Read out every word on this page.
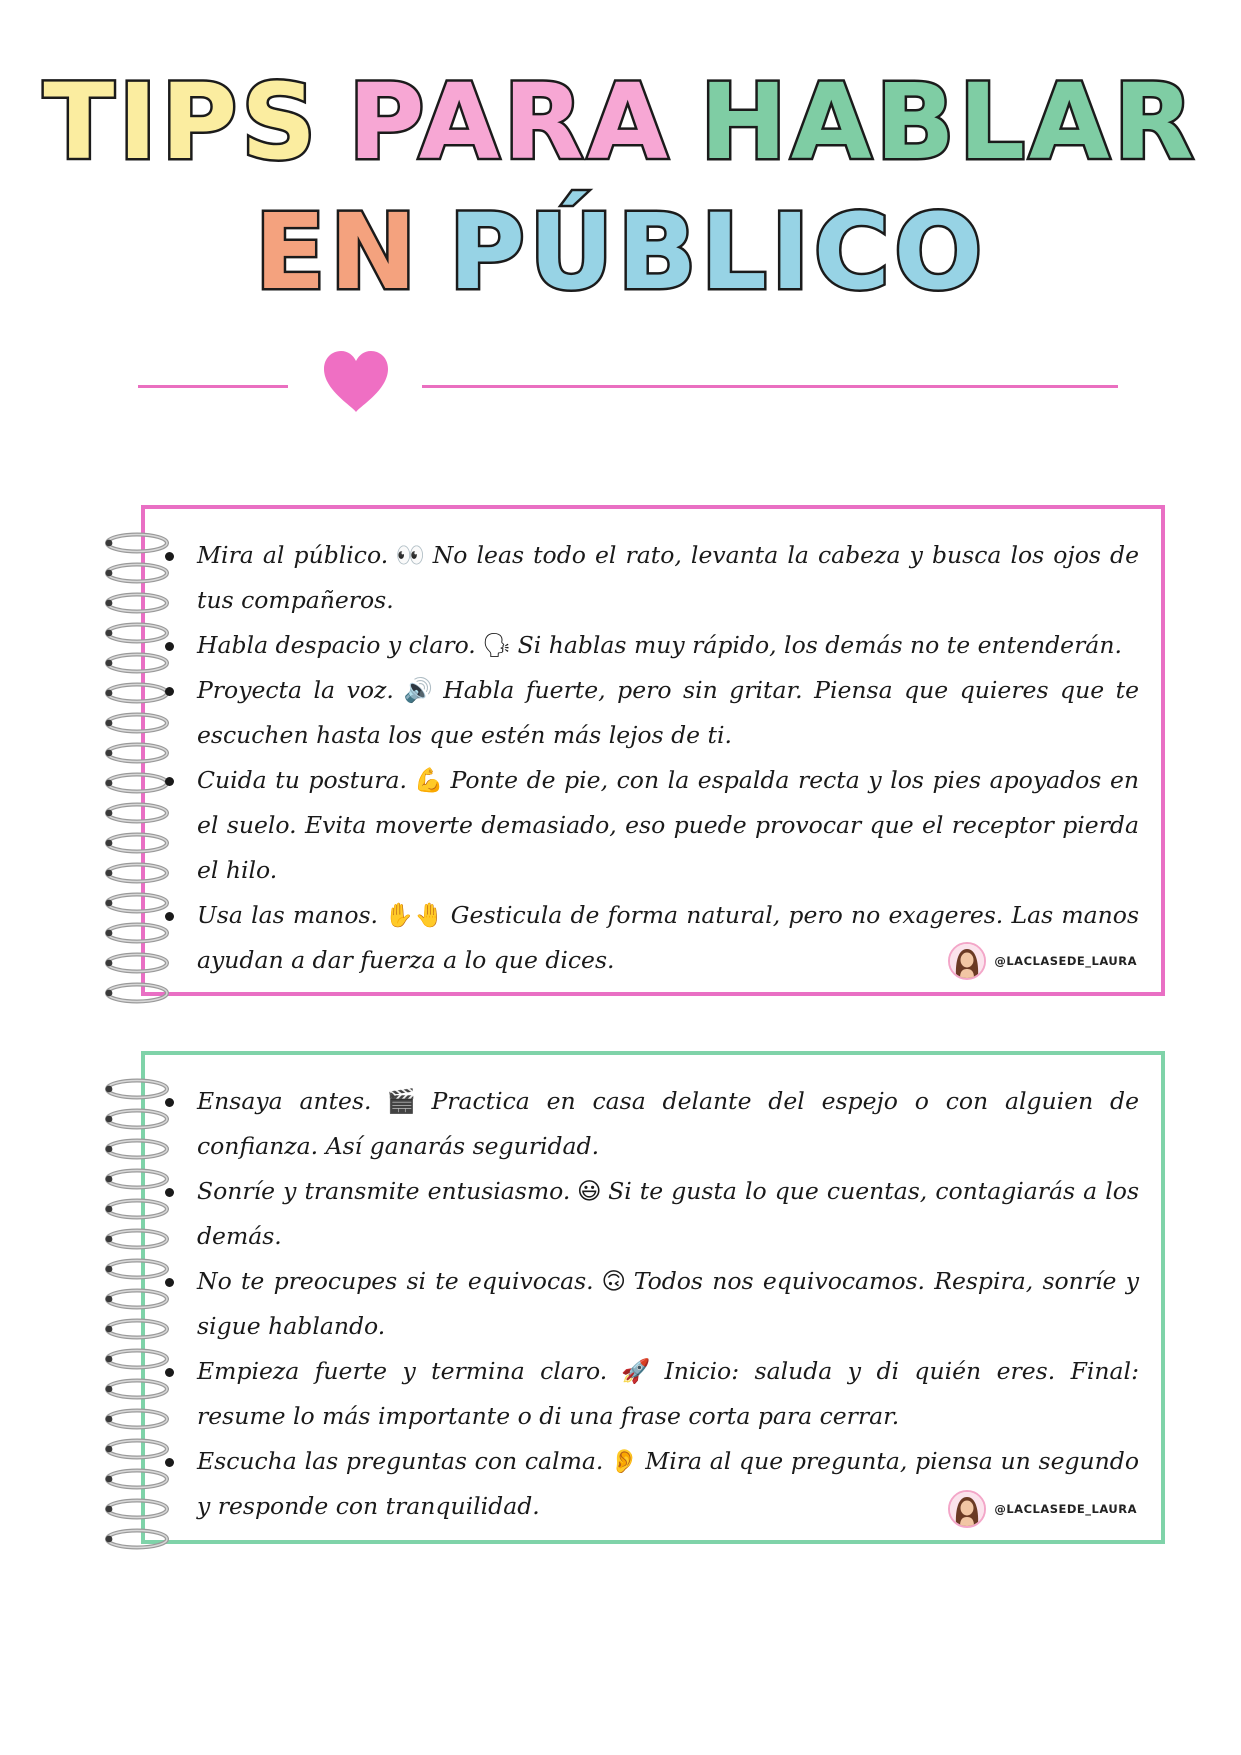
TIPS PARA HABLAR
EN PÚBLICO
Mira al público. 👀 No leas todo el rato, levanta la cabeza y busca los ojos de tus compañeros.
Habla despacio y claro. 🗣 Si hablas muy rápido, los demás no te entenderán.
Proyecta la voz. 🔊 Habla fuerte, pero sin gritar. Piensa que quieres que te escuchen hasta los que estén más lejos de ti.
Cuida tu postura. 💪 Ponte de pie, con la espalda recta y los pies apoyados en el suelo. Evita moverte demasiado, eso puede provocar que el receptor pierda el hilo.
Usa las manos. ✋🤚 Gesticula de forma natural, pero no exageres. Las manos ayudan a dar fuerza a lo que dices.	@LACLASEDE_LAURA
Ensaya antes. 🎬 Practica en casa delante del espejo o con alguien de confianza. Así ganarás seguridad.
Sonríe y transmite entusiasmo. 😃 Si te gusta lo que cuentas, contagiarás a los demás.
No te preocupes si te equivocas. 🙃 Todos nos equivocamos. Respira, sonríe y sigue hablando.
Empieza fuerte y termina claro. 🚀 Inicio: saluda y di quién eres. Final: resume lo más importante o di una frase corta para cerrar.
Escucha las preguntas con calma. 👂 Mira al que pregunta, piensa un segundo y responde con tranquilidad.	@LACLASEDE_LAURA
